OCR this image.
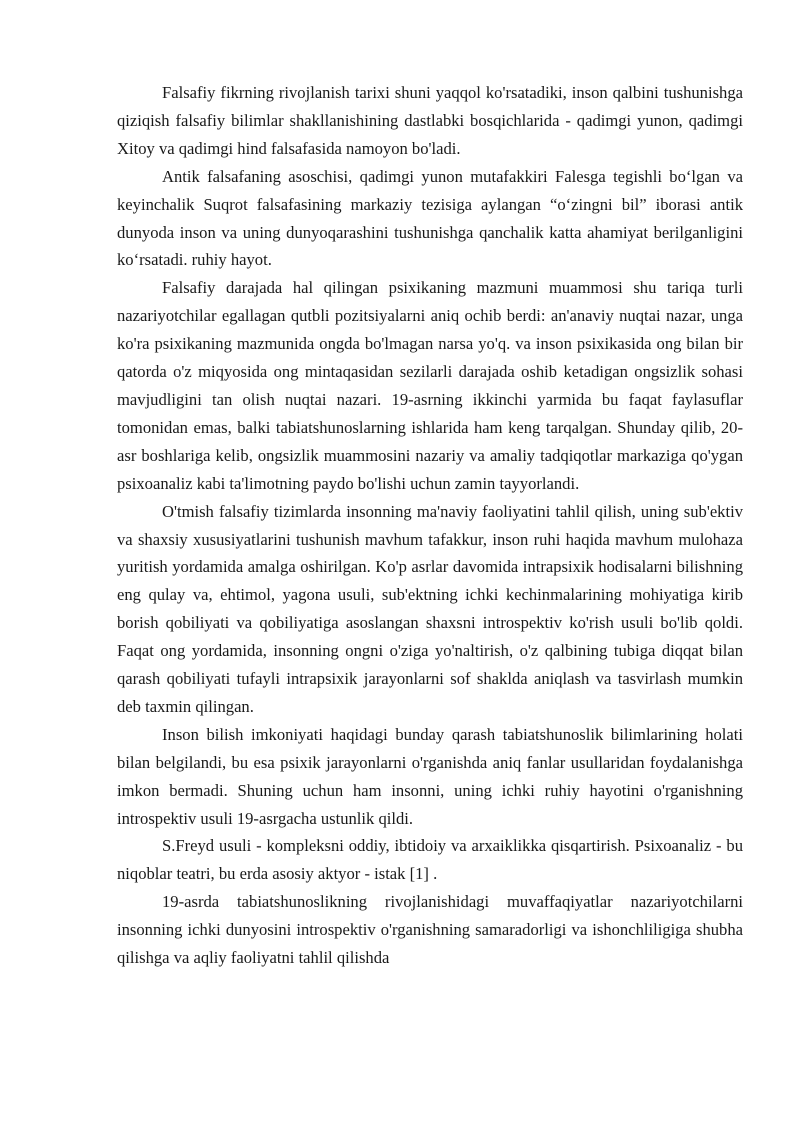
Falsafiy fikrning rivojlanish tarixi shuni yaqqol ko'rsatadiki, inson qalbini tushunishga qiziqish falsafiy bilimlar shakllanishining dastlabki bosqichlarida - qadimgi yunon, qadimgi Xitoy va qadimgi hind falsafasida namoyon bo'ladi.

Antik falsafaning asoschisi, qadimgi yunon mutafakkiri Falesga tegishli bo‘lgan va keyinchalik Suqrot falsafasining markaziy tezisiga aylangan “o‘zingni bil” iborasi antik dunyoda inson va uning dunyoqarashini tushunishga qanchalik katta ahamiyat berilganligini ko‘rsatadi. ruhiy hayot.

Falsafiy darajada hal qilingan psixikaning mazmuni muammosi shu tariqa turli nazariyotchilar egallagan qutbli pozitsiyalarni aniq ochib berdi: an'anaviy nuqtai nazar, unga ko'ra psixikaning mazmunida ongda bo'lmagan narsa yo'q. va inson psixikasida ong bilan bir qatorda o'z miqyosida ong mintaqasidan sezilarli darajada oshib ketadigan ongsizlik sohasi mavjudligini tan olish nuqtai nazari. 19-asrning ikkinchi yarmida bu faqat faylasuflar tomonidan emas, balki tabiatshunoslarning ishlarida ham keng tarqalgan. Shunday qilib, 20-asr boshlariga kelib, ongsizlik muammosini nazariy va amaliy tadqiqotlar markaziga qo'ygan psixoanaliz kabi ta'limotning paydo bo'lishi uchun zamin tayyorlandi.

O'tmish falsafiy tizimlarda insonning ma'naviy faoliyatini tahlil qilish, uning sub'ektiv va shaxsiy xususiyatlarini tushunish mavhum tafakkur, inson ruhi haqida mavhum mulohaza yuritish yordamida amalga oshirilgan. Ko'p asrlar davomida intrapsixik hodisalarni bilishning eng qulay va, ehtimol, yagona usuli, sub'ektning ichki kechinmalarining mohiyatiga kirib borish qobiliyati va qobiliyatiga asoslangan shaxsni introspektiv ko'rish usuli bo'lib qoldi. Faqat ong yordamida, insonning ongni o'ziga yo'naltirish, o'z qalbining tubiga diqqat bilan qarash qobiliyati tufayli intrapsixik jarayonlarni sof shaklda aniqlash va tasvirlash mumkin deb taxmin qilingan.

Inson bilish imkoniyati haqidagi bunday qarash tabiatshunoslik bilimlarining holati bilan belgilandi, bu esa psixik jarayonlarni o'rganishda aniq fanlar usullaridan foydalanishga imkon bermadi. Shuning uchun ham insonni, uning ichki ruhiy hayotini o'rganishning introspektiv usuli 19-asrgacha ustunlik qildi.

S.Freyd usuli - kompleksni oddiy, ibtidoiy va arxaiklikka qisqartirish. Psixoanaliz - bu niqoblar teatri, bu erda asosiy aktyor - istak [1] .

19-asrda tabiatshunoslikning rivojlanishidagi muvaffaqiyatlar nazariyotchilarni insonning ichki dunyosini introspektiv o'rganishning samaradorligi va ishonchliligiga shubha qilishga va aqliy faoliyatni tahlil qilishda
